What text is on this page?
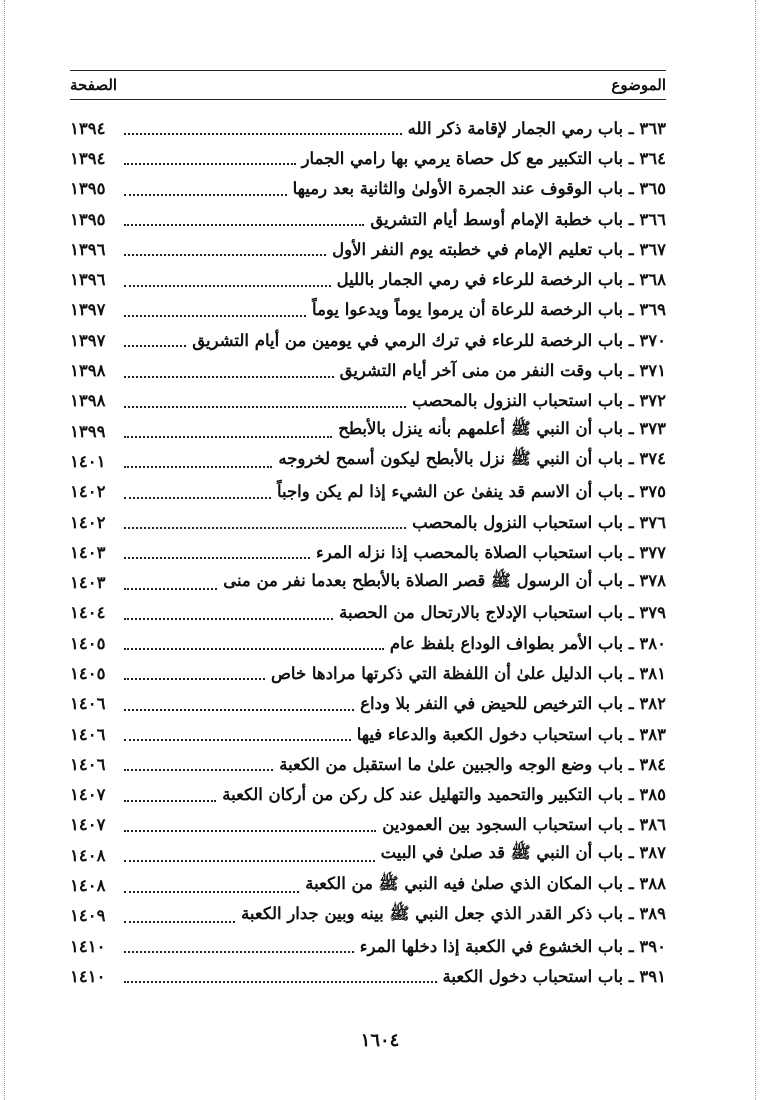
الصفحة	الموضوع
١٣٩٤	٣٦٣ ـ باب رمي الجمار لإقامة ذكر الله
١٣٩٤	٣٦٤ ـ باب التكبير مع كل حصاة يرمي بها رامي الجمار
١٣٩٥	٣٦٥ ـ باب الوقوف عند الجمرة الأولىٰ والثانية بعد رميها
١٣٩٥	٣٦٦ ـ باب خطبة الإمام أوسط أيام التشريق
١٣٩٦	٣٦٧ ـ باب تعليم الإمام في خطبته يوم النفر الأول
١٣٩٦	٣٦٨ ـ باب الرخصة للرعاء في رمي الجمار بالليل
١٣٩٧	٣٦٩ ـ باب الرخصة للرعاة أن يرموا يوماً ويدعوا يوماً
١٣٩٧	٣٧٠ ـ باب الرخصة للرعاء في ترك الرمي في يومين من أيام التشريق
١٣٩٨	٣٧١ ـ باب وقت النفر من منى آخر أيام التشريق
١٣٩٨	٣٧٢ ـ باب استحباب النزول بالمحصب
١٣٩٩	٣٧٣ ـ باب أن النبي ﷺ أعلمهم بأنه ينزل بالأبطح
١٤٠١	٣٧٤ ـ باب أن النبي ﷺ نزل بالأبطح ليكون أسمح لخروجه
١٤٠٢	٣٧٥ ـ باب أن الاسم قد ينفىٰ عن الشيء إذا لم يكن واجباً
١٤٠٢	٣٧٦ ـ باب استحباب النزول بالمحصب
١٤٠٣	٣٧٧ ـ باب استحباب الصلاة بالمحصب إذا نزله المرء
١٤٠٣	٣٧٨ ـ باب أن الرسول ﷺ قصر الصلاة بالأبطح بعدما نفر من منى
١٤٠٤	٣٧٩ ـ باب استحباب الإدلاج بالارتحال من الحصبة
١٤٠٥	٣٨٠ ـ باب الأمر بطواف الوداع بلفظ عام
١٤٠٥	٣٨١ ـ باب الدليل علىٰ أن اللفظة التي ذكرتها مرادها خاص
١٤٠٦	٣٨٢ ـ باب الترخيص للحيض في النفر بلا وداع
١٤٠٦	٣٨٣ ـ باب استحباب دخول الكعبة والدعاء فيها
١٤٠٦	٣٨٤ ـ باب وضع الوجه والجبين علىٰ ما استقبل من الكعبة
١٤٠٧	٣٨٥ ـ باب التكبير والتحميد والتهليل عند كل ركن من أركان الكعبة
١٤٠٧	٣٨٦ ـ باب استحباب السجود بين العمودين
١٤٠٨	٣٨٧ ـ باب أن النبي ﷺ قد صلىٰ في البيت
١٤٠٨	٣٨٨ ـ باب المكان الذي صلىٰ فيه النبي ﷺ من الكعبة
١٤٠٩	٣٨٩ ـ باب ذكر القدر الذي جعل النبي ﷺ بينه وبين جدار الكعبة
١٤١٠	٣٩٠ ـ باب الخشوع في الكعبة إذا دخلها المرء
١٤١٠	٣٩١ ـ باب استحباب دخول الكعبة
١٦٠٤
